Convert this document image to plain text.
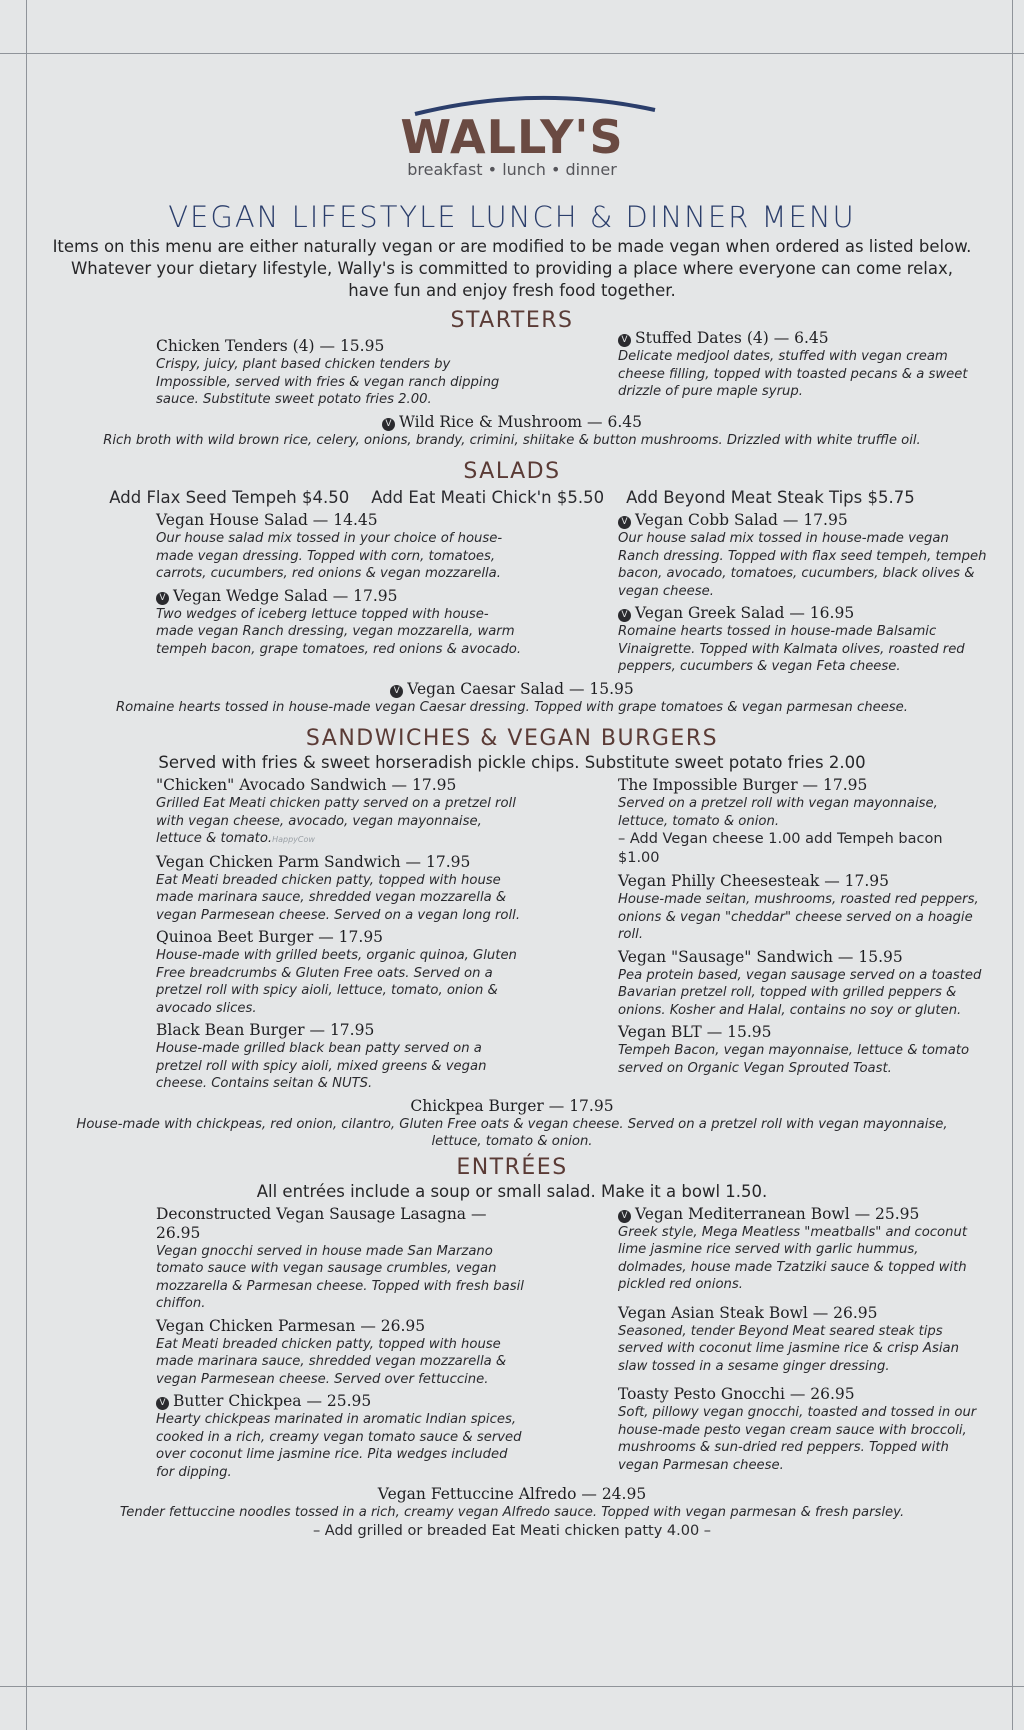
WALLY'S
breakfast • lunch • dinner
VEGAN LIFESTYLE LUNCH & DINNER MENU
Items on this menu are either naturally vegan or are modified to be made vegan when ordered as listed below. Whatever your dietary lifestyle, Wally's is committed to providing a place where everyone can come relax, have fun and enjoy fresh food together.
STARTERS
Chicken Tenders (4) — 15.95
Crispy, juicy, plant based chicken tenders by Impossible, served with fries & vegan ranch dipping sauce. Substitute sweet potato fries 2.00.
V Stuffed Dates (4) — 6.45
Delicate medjool dates, stuffed with vegan cream cheese filling, topped with toasted pecans & a sweet drizzle of pure maple syrup.
V Wild Rice & Mushroom — 6.45
Rich broth with wild brown rice, celery, onions, brandy, crimini, shiitake & button mushrooms. Drizzled with white truffle oil.
SALADS
Add Flax Seed Tempeh $4.50 Add Eat Meati Chick'n $5.50 Add Beyond Meat Steak Tips $5.75
Vegan House Salad — 14.45
Our house salad mix tossed in your choice of house-made vegan dressing. Topped with corn, tomatoes, carrots, cucumbers, red onions & vegan mozzarella.
V Vegan Wedge Salad — 17.95
Two wedges of iceberg lettuce topped with house-made vegan Ranch dressing, vegan mozzarella, warm tempeh bacon, grape tomatoes, red onions & avocado.
V Vegan Cobb Salad — 17.95
Our house salad mix tossed in house-made vegan Ranch dressing. Topped with flax seed tempeh, tempeh bacon, avocado, tomatoes, cucumbers, black olives & vegan cheese.
V Vegan Greek Salad — 16.95
Romaine hearts tossed in house-made Balsamic Vinaigrette. Topped with Kalmata olives, roasted red peppers, cucumbers & vegan Feta cheese.
V Vegan Caesar Salad — 15.95
Romaine hearts tossed in house-made vegan Caesar dressing. Topped with grape tomatoes & vegan parmesan cheese.
SANDWICHES & VEGAN BURGERS
Served with fries & sweet horseradish pickle chips. Substitute sweet potato fries 2.00
"Chicken" Avocado Sandwich — 17.95
Grilled Eat Meati chicken patty served on a pretzel roll with vegan cheese, avocado, vegan mayonnaise, lettuce & tomato.HappyCow
Vegan Chicken Parm Sandwich — 17.95
Eat Meati breaded chicken patty, topped with house made marinara sauce, shredded vegan mozzarella & vegan Parmesean cheese. Served on a vegan long roll.
Quinoa Beet Burger — 17.95
House-made with grilled beets, organic quinoa, Gluten Free breadcrumbs & Gluten Free oats. Served on a pretzel roll with spicy aioli, lettuce, tomato, onion & avocado slices.
Black Bean Burger — 17.95
House-made grilled black bean patty served on a pretzel roll with spicy aioli, mixed greens & vegan cheese. Contains seitan & NUTS.
The Impossible Burger — 17.95
Served on a pretzel roll with vegan mayonnaise, lettuce, tomato & onion.
– Add Vegan cheese 1.00 add Tempeh bacon $1.00
Vegan Philly Cheesesteak — 17.95
House-made seitan, mushrooms, roasted red peppers, onions & vegan "cheddar" cheese served on a hoagie roll.
Vegan "Sausage" Sandwich — 15.95
Pea protein based, vegan sausage served on a toasted Bavarian pretzel roll, topped with grilled peppers & onions. Kosher and Halal, contains no soy or gluten.
Vegan BLT — 15.95
Tempeh Bacon, vegan mayonnaise, lettuce & tomato served on Organic Vegan Sprouted Toast.
Chickpea Burger — 17.95
House-made with chickpeas, red onion, cilantro, Gluten Free oats & vegan cheese. Served on a pretzel roll with vegan mayonnaise, lettuce, tomato & onion.
ENTRÉES
All entrées include a soup or small salad. Make it a bowl 1.50.
Deconstructed Vegan Sausage Lasagna — 26.95
Vegan gnocchi served in house made San Marzano tomato sauce with vegan sausage crumbles, vegan mozzarella & Parmesan cheese. Topped with fresh basil chiffon.
Vegan Chicken Parmesan — 26.95
Eat Meati breaded chicken patty, topped with house made marinara sauce, shredded vegan mozzarella & vegan Parmesean cheese. Served over fettuccine.
V Butter Chickpea — 25.95
Hearty chickpeas marinated in aromatic Indian spices, cooked in a rich, creamy vegan tomato sauce & served over coconut lime jasmine rice. Pita wedges included for dipping.
V Vegan Mediterranean Bowl — 25.95
Greek style, Mega Meatless "meatballs" and coconut lime jasmine rice served with garlic hummus, dolmades, house made Tzatziki sauce & topped with pickled red onions.
Vegan Asian Steak Bowl — 26.95
Seasoned, tender Beyond Meat seared steak tips served with coconut lime jasmine rice & crisp Asian slaw tossed in a sesame ginger dressing.
Toasty Pesto Gnocchi — 26.95
Soft, pillowy vegan gnocchi, toasted and tossed in our house-made pesto vegan cream sauce with broccoli, mushrooms & sun-dried red peppers. Topped with vegan Parmesan cheese.
Vegan Fettuccine Alfredo — 24.95
Tender fettuccine noodles tossed in a rich, creamy vegan Alfredo sauce. Topped with vegan parmesan & fresh parsley.
– Add grilled or breaded Eat Meati chicken patty 4.00 –
